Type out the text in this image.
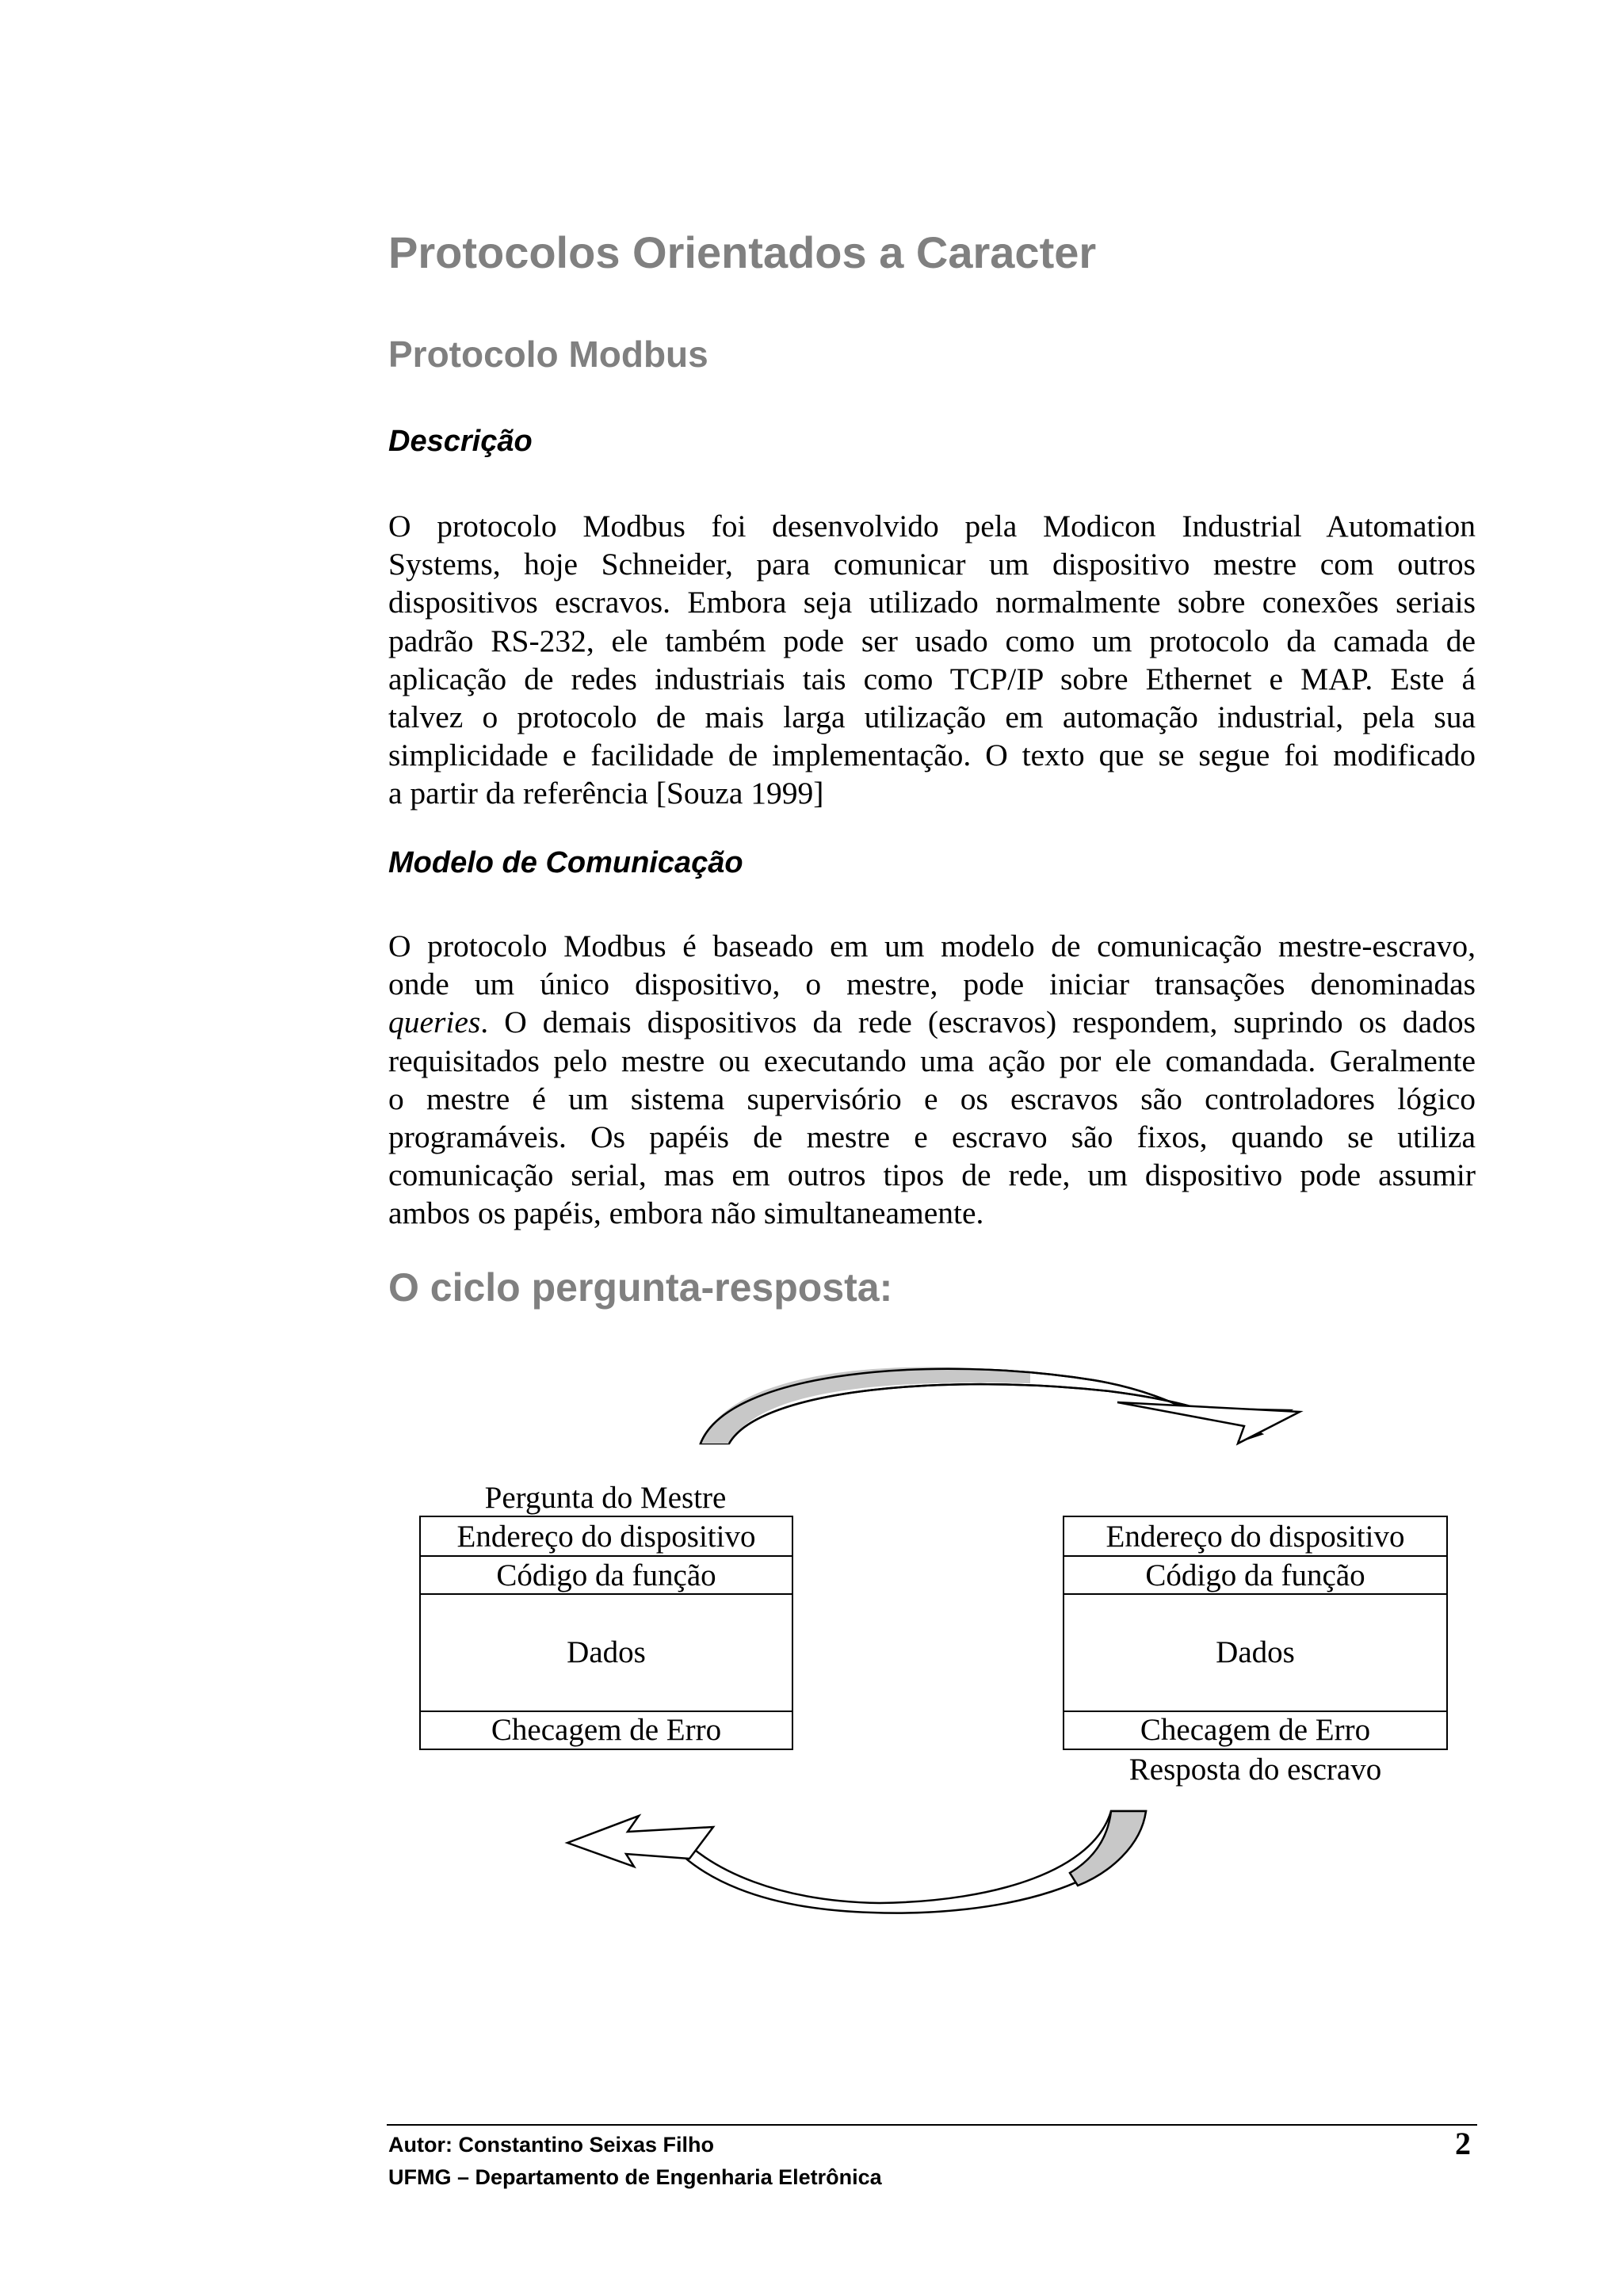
Protocolos Orientados a Caracter
Protocolo Modbus
Descrição
O protocolo Modbus foi desenvolvido pela Modicon Industrial Automation
Systems, hoje Schneider, para comunicar um dispositivo mestre com outros
dispositivos escravos. Embora seja utilizado normalmente sobre conexões seriais
padrão RS-232, ele também pode ser usado como um protocolo da camada de
aplicação de redes industriais tais como TCP/IP sobre Ethernet e MAP. Este á
talvez o protocolo de mais larga utilização em automação industrial, pela sua
simplicidade e facilidade de implementação. O texto que se segue foi modificado
a partir da referência [Souza 1999]
Modelo de Comunicação
O protocolo Modbus é baseado em um modelo de comunicação mestre-escravo,
onde um único dispositivo, o mestre, pode iniciar transações denominadas
queries. O demais dispositivos da rede (escravos) respondem, suprindo os dados
requisitados pelo mestre ou executando uma ação por ele comandada. Geralmente
o mestre é um sistema supervisório e os escravos são controladores lógico
programáveis. Os papéis de mestre e escravo são fixos, quando se utiliza
comunicação serial, mas em outros tipos de rede, um dispositivo pode assumir
ambos os papéis, embora não simultaneamente.
O ciclo pergunta-resposta:
Pergunta do Mestre
Endereço do dispositivo
Código da função
Dados
Checagem de Erro
Endereço do dispositivo
Código da função
Dados
Checagem de Erro
Resposta do escravo

Autor: Constantino Seixas Filho

UFMG – Departamento de Engenharia Eletrônica

2
